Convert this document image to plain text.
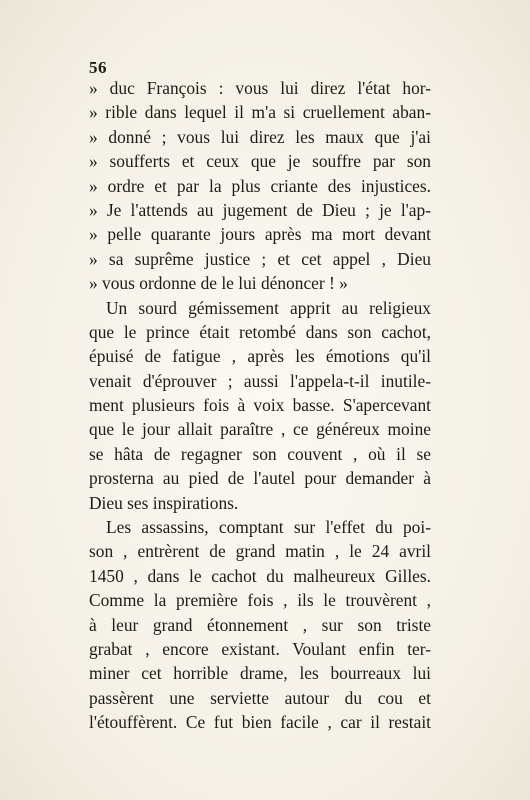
56
» duc François : vous lui direz l'état hor-
» rible dans lequel il m'a si cruellement aban-
» donné ; vous lui direz les maux que j'ai
» soufferts et ceux que je souffre par son
» ordre et par la plus criante des injustices.
» Je l'attends au jugement de Dieu ; je l'ap-
» pelle quarante jours après ma mort devant
» sa suprême justice ; et cet appel , Dieu
» vous ordonne de le lui dénoncer ! »
Un sourd gémissement apprit au religieux
que le prince était retombé dans son cachot,
épuisé de fatigue , après les émotions qu'il
venait d'éprouver ; aussi l'appela-t-il inutile-
ment plusieurs fois à voix basse. S'apercevant
que le jour allait paraître , ce généreux moine
se hâta de regagner son couvent , où il se
prosterna au pied de l'autel pour demander à
Dieu ses inspirations.
Les assassins, comptant sur l'effet du poi-
son , entrèrent de grand matin , le 24 avril
1450 , dans le cachot du malheureux Gilles.
Comme la première fois , ils le trouvèrent ,
à leur grand étonnement , sur son triste
grabat , encore existant. Voulant enfin ter-
miner cet horrible drame, les bourreaux lui
passèrent une serviette autour du cou et
l'étouffèrent. Ce fut bien facile , car il restait
